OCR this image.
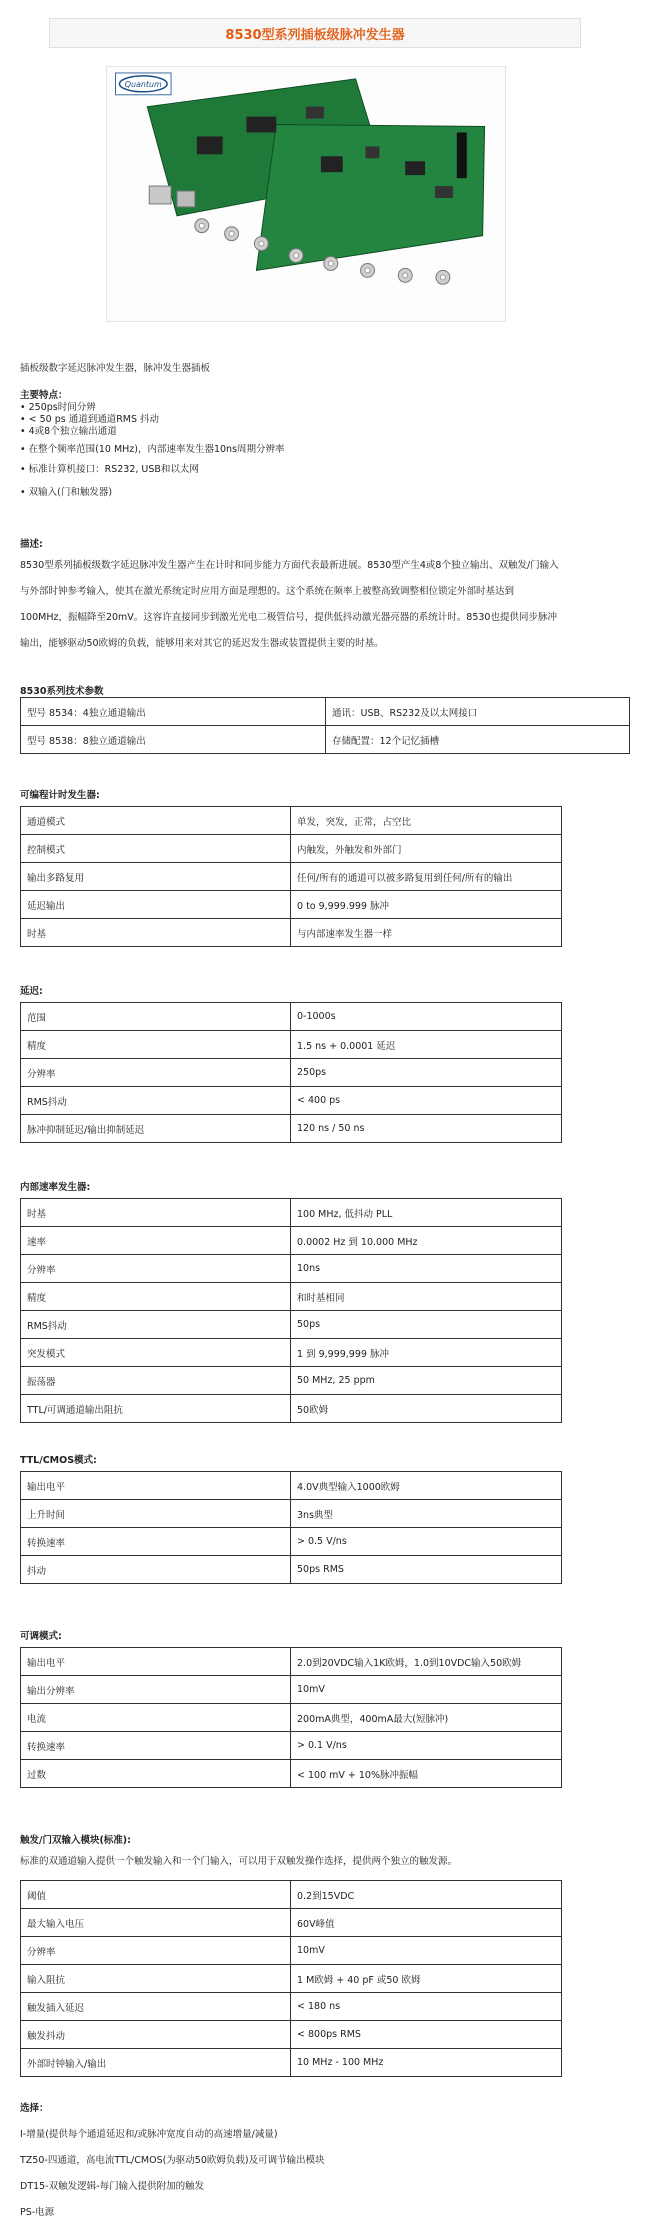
8530型系列插板级脉冲发生器
Quantum
插板级数字延迟脉冲发生器，脉冲发生器插板
主要特点：
• 250ps时间分辨
• < 50 ps 通道到通道RMS 抖动
• 4或8个独立输出通道
• 在整个频率范围(10 MHz)，内部速率发生器10ns周期分辨率
• 标准计算机接口：RS232, USB和以太网
• 双输入(门和触发器)
描述:
8530型系列插板级数字延迟脉冲发生器产生在计时和同步能力方面代表最新进展。8530型产生4或8个独立输出、双触发/门输入
与外部时钟参考输入，使其在激光系统定时应用方面是理想的。这个系统在频率上被整高致调整相位锁定外部时基达到
100MHz，振幅降至20mV。这容许直接同步到激光光电二极管信号，提供低抖动激光器亮器的系统计时。8530也提供同步脉冲
输出，能够驱动50欧姆的负载，能够用来对其它的延迟发生器或装置提供主要的时基。
8530系列技术参数
型号 8534：4独立通道输出	通讯：USB、RS232及以太网接口
型号 8538：8独立通道输出	存储配置：12个记忆插槽
可编程计时发生器:
通道模式	单发，突发，正常，占空比
控制模式	内触发，外触发和外部门
输出多路复用	任何/所有的通道可以被多路复用到任何/所有的输出
延迟输出	0 to 9,999.999 脉冲
时基	与内部速率发生器一样
延迟:
范围	0-1000s
精度	1.5 ns + 0.0001 延迟
分辨率	250ps
RMS抖动	< 400 ps
脉冲抑制延迟/输出抑制延迟	120 ns / 50 ns
内部速率发生器:
时基	100 MHz, 低抖动 PLL
速率	0.0002 Hz 到 10.000 MHz
分辨率	10ns
精度	和时基相同
RMS抖动	50ps
突发模式	1 到 9,999,999 脉冲
振荡器	50 MHz, 25 ppm
TTL/可调通道输出阻抗	50欧姆
TTL/CMOS模式:
输出电平	4.0V典型输入1000欧姆
上升时间	3ns典型
转换速率	> 0.5 V/ns
抖动	50ps RMS
可调模式:
输出电平	2.0到20VDC输入1K欧姆，1.0到10VDC输入50欧姆
输出分辨率	10mV
电流	200mA典型，400mA最大(短脉冲)
转换速率	> 0.1 V/ns
过数	< 100 mV + 10%脉冲振幅
触发/门双输入模块(标准):
标准的双通道输入提供一个触发输入和一个门输入，可以用于双触发操作选择，提供两个独立的触发源。
阈值	0.2到15VDC
最大输入电压	60V峰值
分辨率	10mV
输入阻抗	1 M欧姆 + 40 pF 或50 欧姆
触发插入延迟	< 180 ns
触发抖动	< 800ps RMS
外部时钟输入/输出	10 MHz - 100 MHz
选择：
I-增量(提供每个通道延迟和/或脉冲宽度自动的高速增量/减量)
TZ50-四通道，高电流TTL/CMOS(为驱动50欧姆负载)及可调节输出模块
DT15-双触发逻辑-每门输入提供附加的触发
PS-电源
